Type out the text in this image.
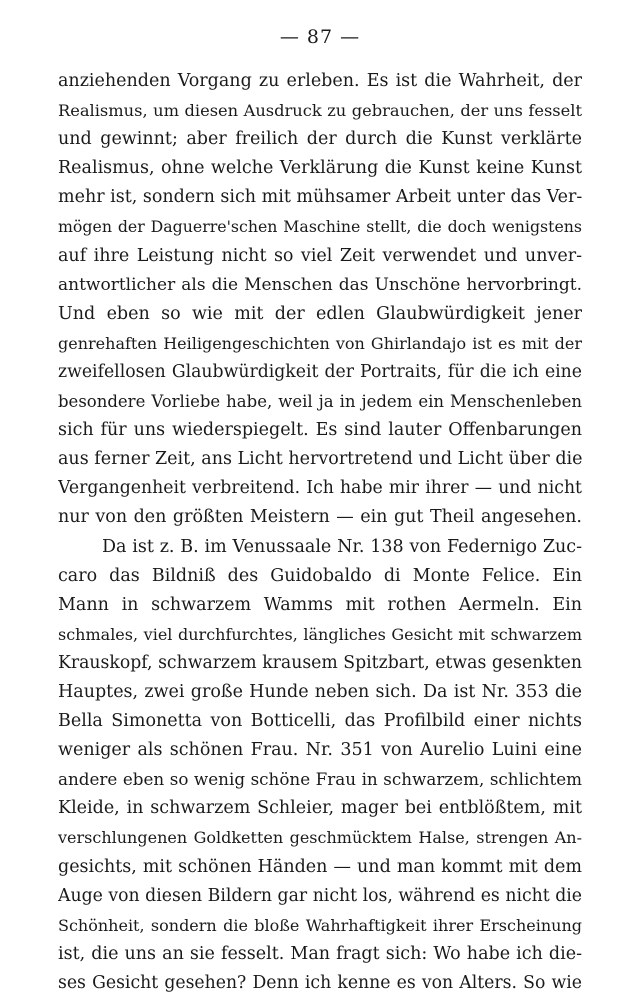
— 87 —
anziehenden Vorgang zu erleben. Es ist die Wahrheit, der
Realismus, um diesen Ausdruck zu gebrauchen, der uns fesselt
und gewinnt; aber freilich der durch die Kunst verklärte
Realismus, ohne welche Verklärung die Kunst keine Kunst
mehr ist, sondern sich mit mühsamer Arbeit unter das Ver-
mögen der Daguerre'schen Maschine stellt, die doch wenigstens
auf ihre Leistung nicht so viel Zeit verwendet und unver-
antwortlicher als die Menschen das Unschöne hervorbringt.
Und eben so wie mit der edlen Glaubwürdigkeit jener
genrehaften Heiligengeschichten von Ghirlandajo ist es mit der
zweifellosen Glaubwürdigkeit der Portraits, für die ich eine
besondere Vorliebe habe, weil ja in jedem ein Menschenleben
sich für uns wiederspiegelt. Es sind lauter Offenbarungen
aus ferner Zeit, ans Licht hervortretend und Licht über die
Vergangenheit verbreitend. Ich habe mir ihrer — und nicht
nur von den größten Meistern — ein gut Theil angesehen.
Da ist z. B. im Venussaale Nr. 138 von Federnigo Zuc-
caro das Bildniß des Guidobaldo di Monte Felice. Ein
Mann in schwarzem Wamms mit rothen Aermeln. Ein
schmales, viel durchfurchtes, längliches Gesicht mit schwarzem
Krauskopf, schwarzem krausem Spitzbart, etwas gesenkten
Hauptes, zwei große Hunde neben sich. Da ist Nr. 353 die
Bella Simonetta von Botticelli, das Profilbild einer nichts
weniger als schönen Frau. Nr. 351 von Aurelio Luini eine
andere eben so wenig schöne Frau in schwarzem, schlichtem
Kleide, in schwarzem Schleier, mager bei entblößtem, mit
verschlungenen Goldketten geschmücktem Halse, strengen An-
gesichts, mit schönen Händen — und man kommt mit dem
Auge von diesen Bildern gar nicht los, während es nicht die
Schönheit, sondern die bloße Wahrhaftigkeit ihrer Erscheinung
ist, die uns an sie fesselt. Man fragt sich: Wo habe ich die-
ses Gesicht gesehen? Denn ich kenne es von Alters. So wie
